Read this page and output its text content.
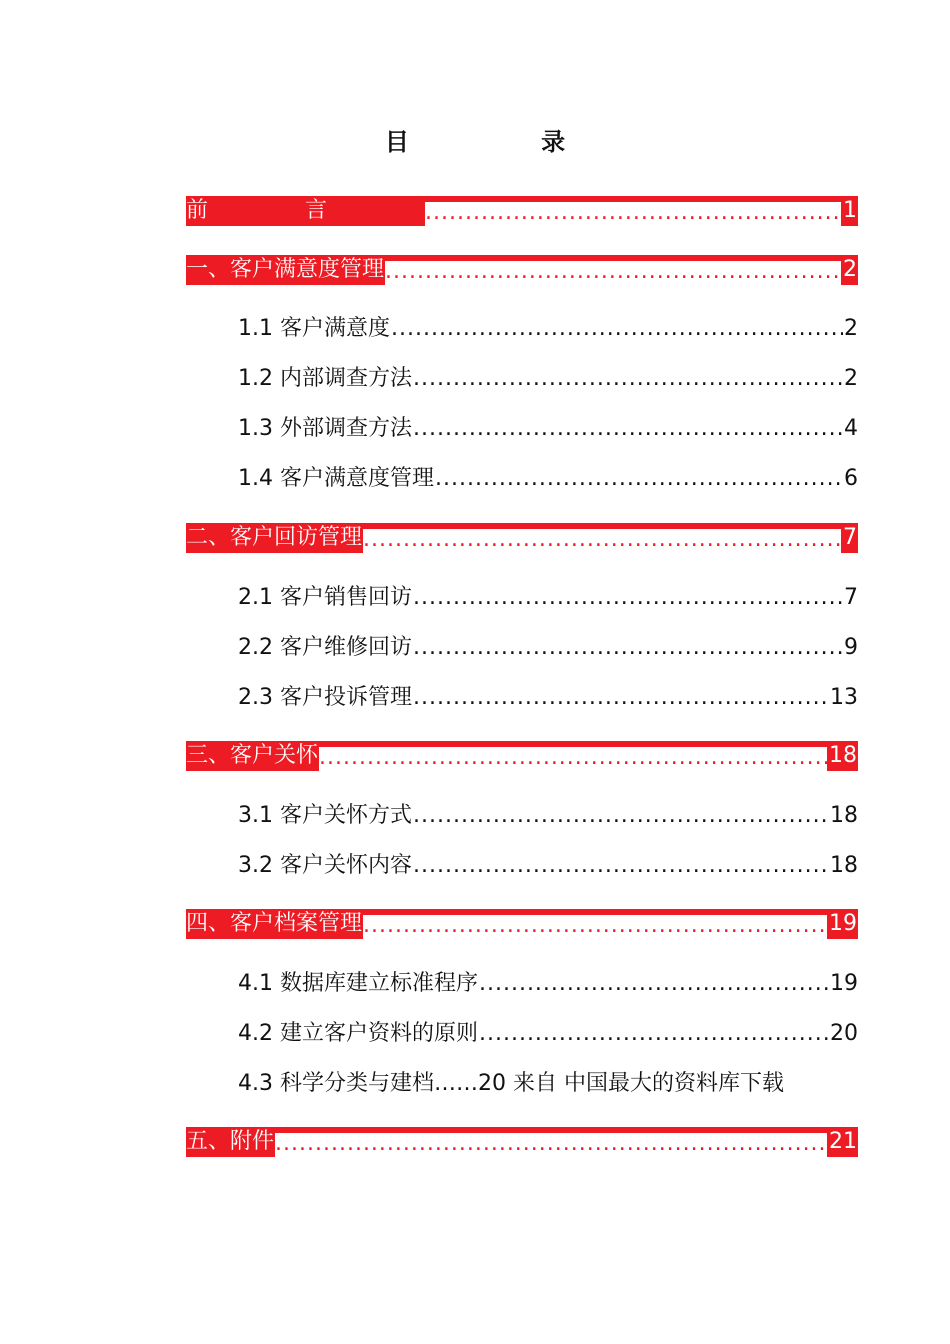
目 录
前言 .....	1
一、客户满意度管理 .....	2
1.1 客户满意度 .....	2
1.2 内部调查方法 .....	2
1.3 外部调查方法 .....	4
1.4 客户满意度管理 .....	6
二、客户回访管理 .....	7
2.1 客户销售回访 .....	7
2.2 客户维修回访 .....	9
2.3 客户投诉管理 .....	13
三、客户关怀 .....	18
3.1 客户关怀方式 .....	18
3.2 客户关怀内容 .....	18
四、客户档案管理 .....	19
4.1 数据库建立标准程序 .....	19
4.2 建立客户资料的原则 .....	20
4.3 科学分类与建档……20 来自 中国最大的资料库下载
五、附件 .....	21
